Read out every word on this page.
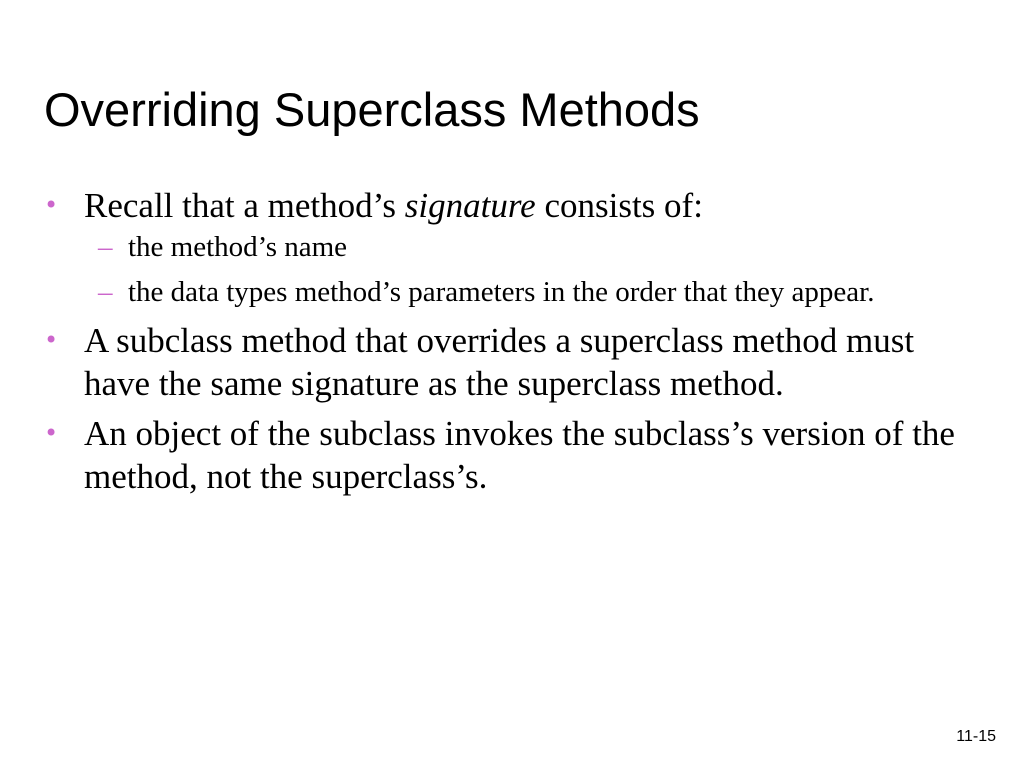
Overriding Superclass Methods
• Recall that a method’s signature consists of:
– the method’s name
– the data types method’s parameters in the order that they appear.
• A subclass method that overrides a superclass method must have the same signature as the superclass method.
• An object of the subclass invokes the subclass’s version of the method, not the superclass’s.
11-15
